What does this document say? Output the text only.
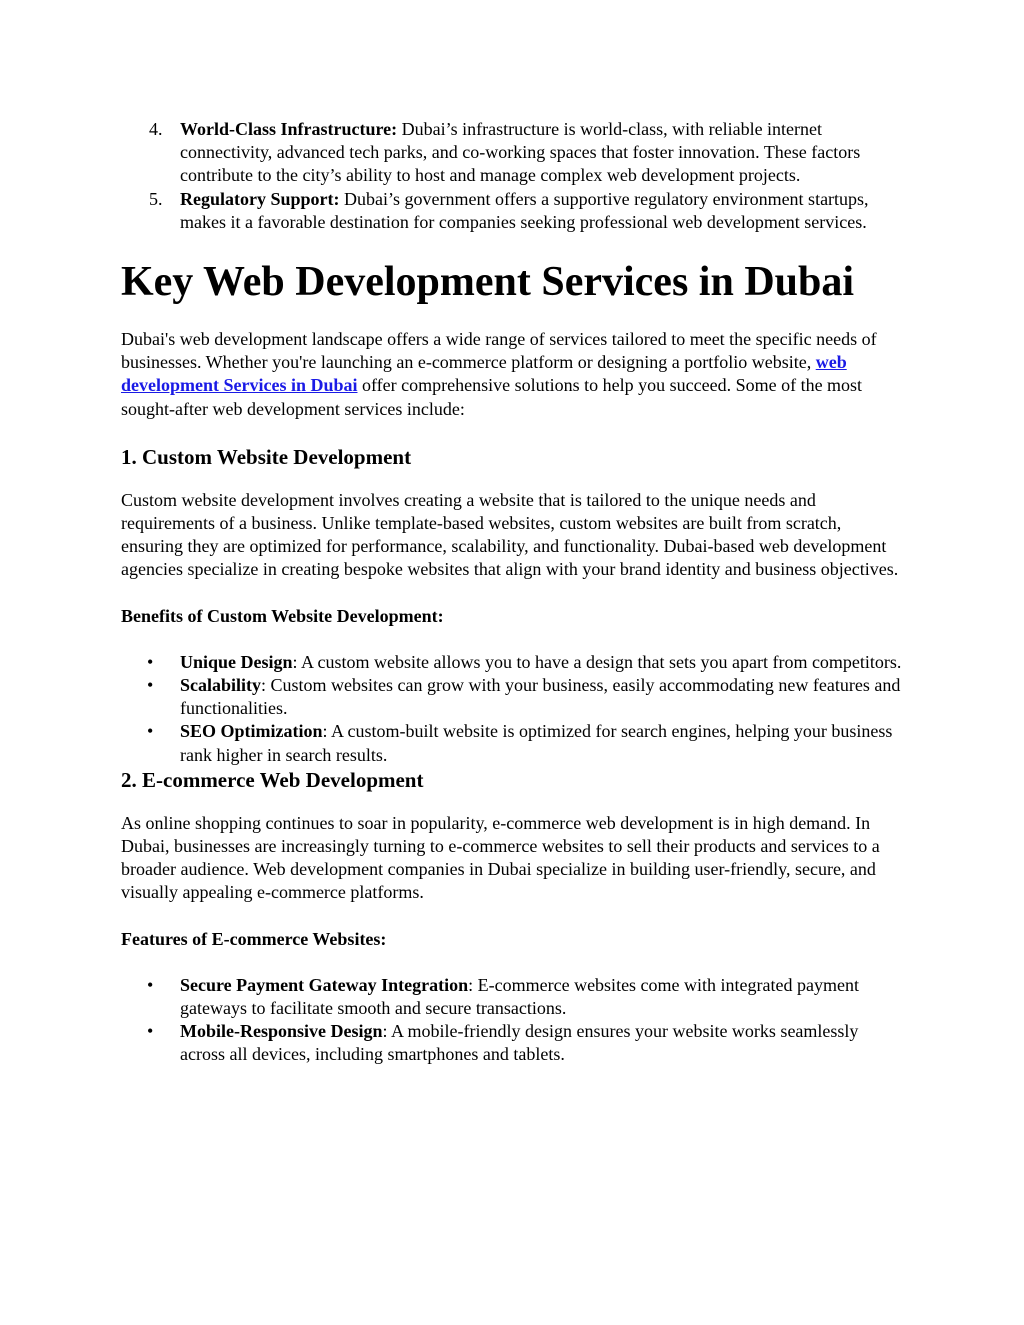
4. World-Class Infrastructure: Dubai’s infrastructure is world-class, with reliable internet connectivity, advanced tech parks, and co-working spaces that foster innovation. These factors contribute to the city’s ability to host and manage complex web development projects.
5. Regulatory Support: Dubai’s government offers a supportive regulatory environment startups, makes it a favorable destination for companies seeking professional web development services.
Key Web Development Services in Dubai

Dubai's web development landscape offers a wide range of services tailored to meet the specific needs of businesses. Whether you're launching an e-commerce platform or designing a portfolio website, web development Services in Dubai offer comprehensive solutions to help you succeed. Some of the most sought-after web development services include:

1. Custom Website Development

Custom website development involves creating a website that is tailored to the unique needs and requirements of a business. Unlike template-based websites, custom websites are built from scratch, ensuring they are optimized for performance, scalability, and functionality. Dubai-based web development agencies specialize in creating bespoke websites that align with your brand identity and business objectives.

Benefits of Custom Website Development:

• Unique Design: A custom website allows you to have a design that sets you apart from competitors.
• Scalability: Custom websites can grow with your business, easily accommodating new features and functionalities.
• SEO Optimization: A custom-built website is optimized for search engines, helping your business rank higher in search results.
2. E-commerce Web Development

As online shopping continues to soar in popularity, e-commerce web development is in high demand. In Dubai, businesses are increasingly turning to e-commerce websites to sell their products and services to a broader audience. Web development companies in Dubai specialize in building user-friendly, secure, and visually appealing e-commerce platforms.

Features of E-commerce Websites:

• Secure Payment Gateway Integration: E-commerce websites come with integrated payment gateways to facilitate smooth and secure transactions.
• Mobile-Responsive Design: A mobile-friendly design ensures your website works seamlessly across all devices, including smartphones and tablets.
